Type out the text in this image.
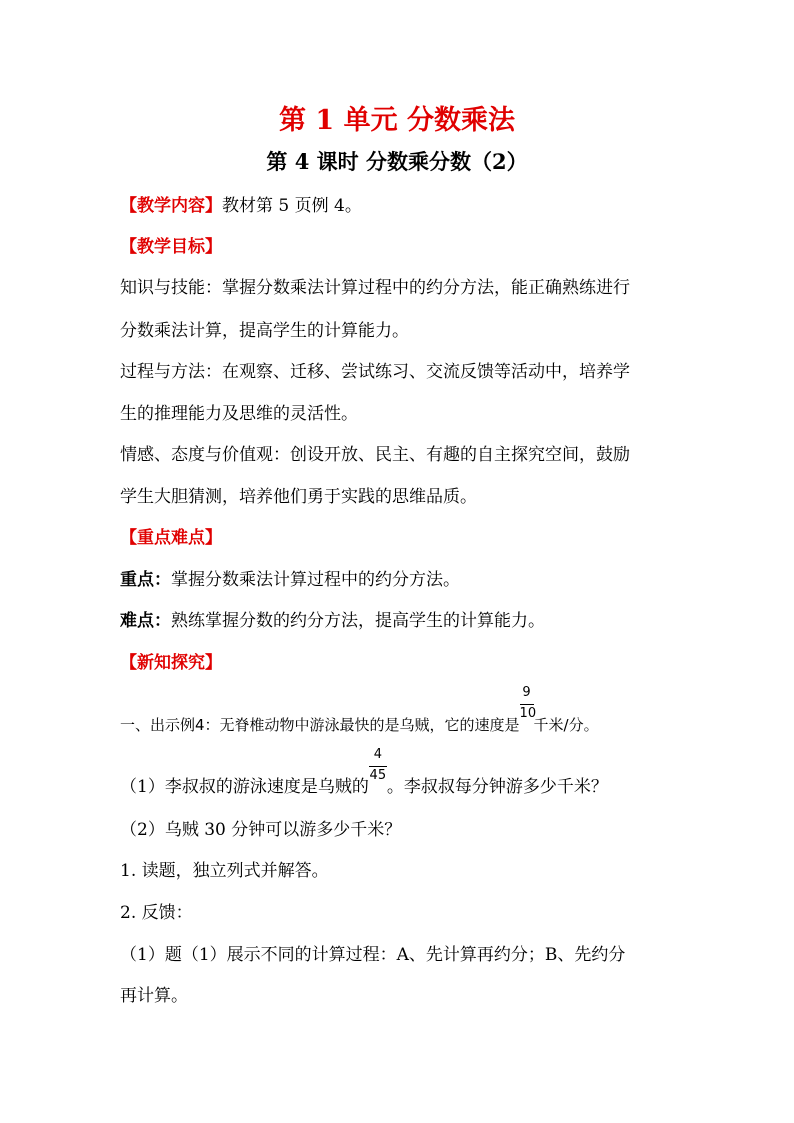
第 1 单元 分数乘法
第 4 课时 分数乘分数（2）
【教学内容】教材第 5 页例 4。
【教学目标】
知识与技能：掌握分数乘法计算过程中的约分方法，能正确熟练进行
分数乘法计算，提高学生的计算能力。
过程与方法：在观察、迁移、尝试练习、交流反馈等活动中，培养学
生的推理能力及思维的灵活性。
情感、态度与价值观：创设开放、民主、有趣的自主探究空间，鼓励
学生大胆猜测，培养他们勇于实践的思维品质。
【重点难点】
重点：掌握分数乘法计算过程中的约分方法。
难点：熟练掌握分数的约分方法，提高学生的计算能力。
【新知探究】
一、出示例4：无脊椎动物中游泳最快的是乌贼，它的速度是 $\frac{9}{10}$ 千米/分。
（1）李叔叔的游泳速度是乌贼的 $\frac{4}{45}$ 。李叔叔每分钟游多少千米？
（2）乌贼 30 分钟可以游多少千米？
1. 读题，独立列式并解答。
2. 反馈：
（1）题（1）展示不同的计算过程：A、先计算再约分；B、先约分
再计算。
